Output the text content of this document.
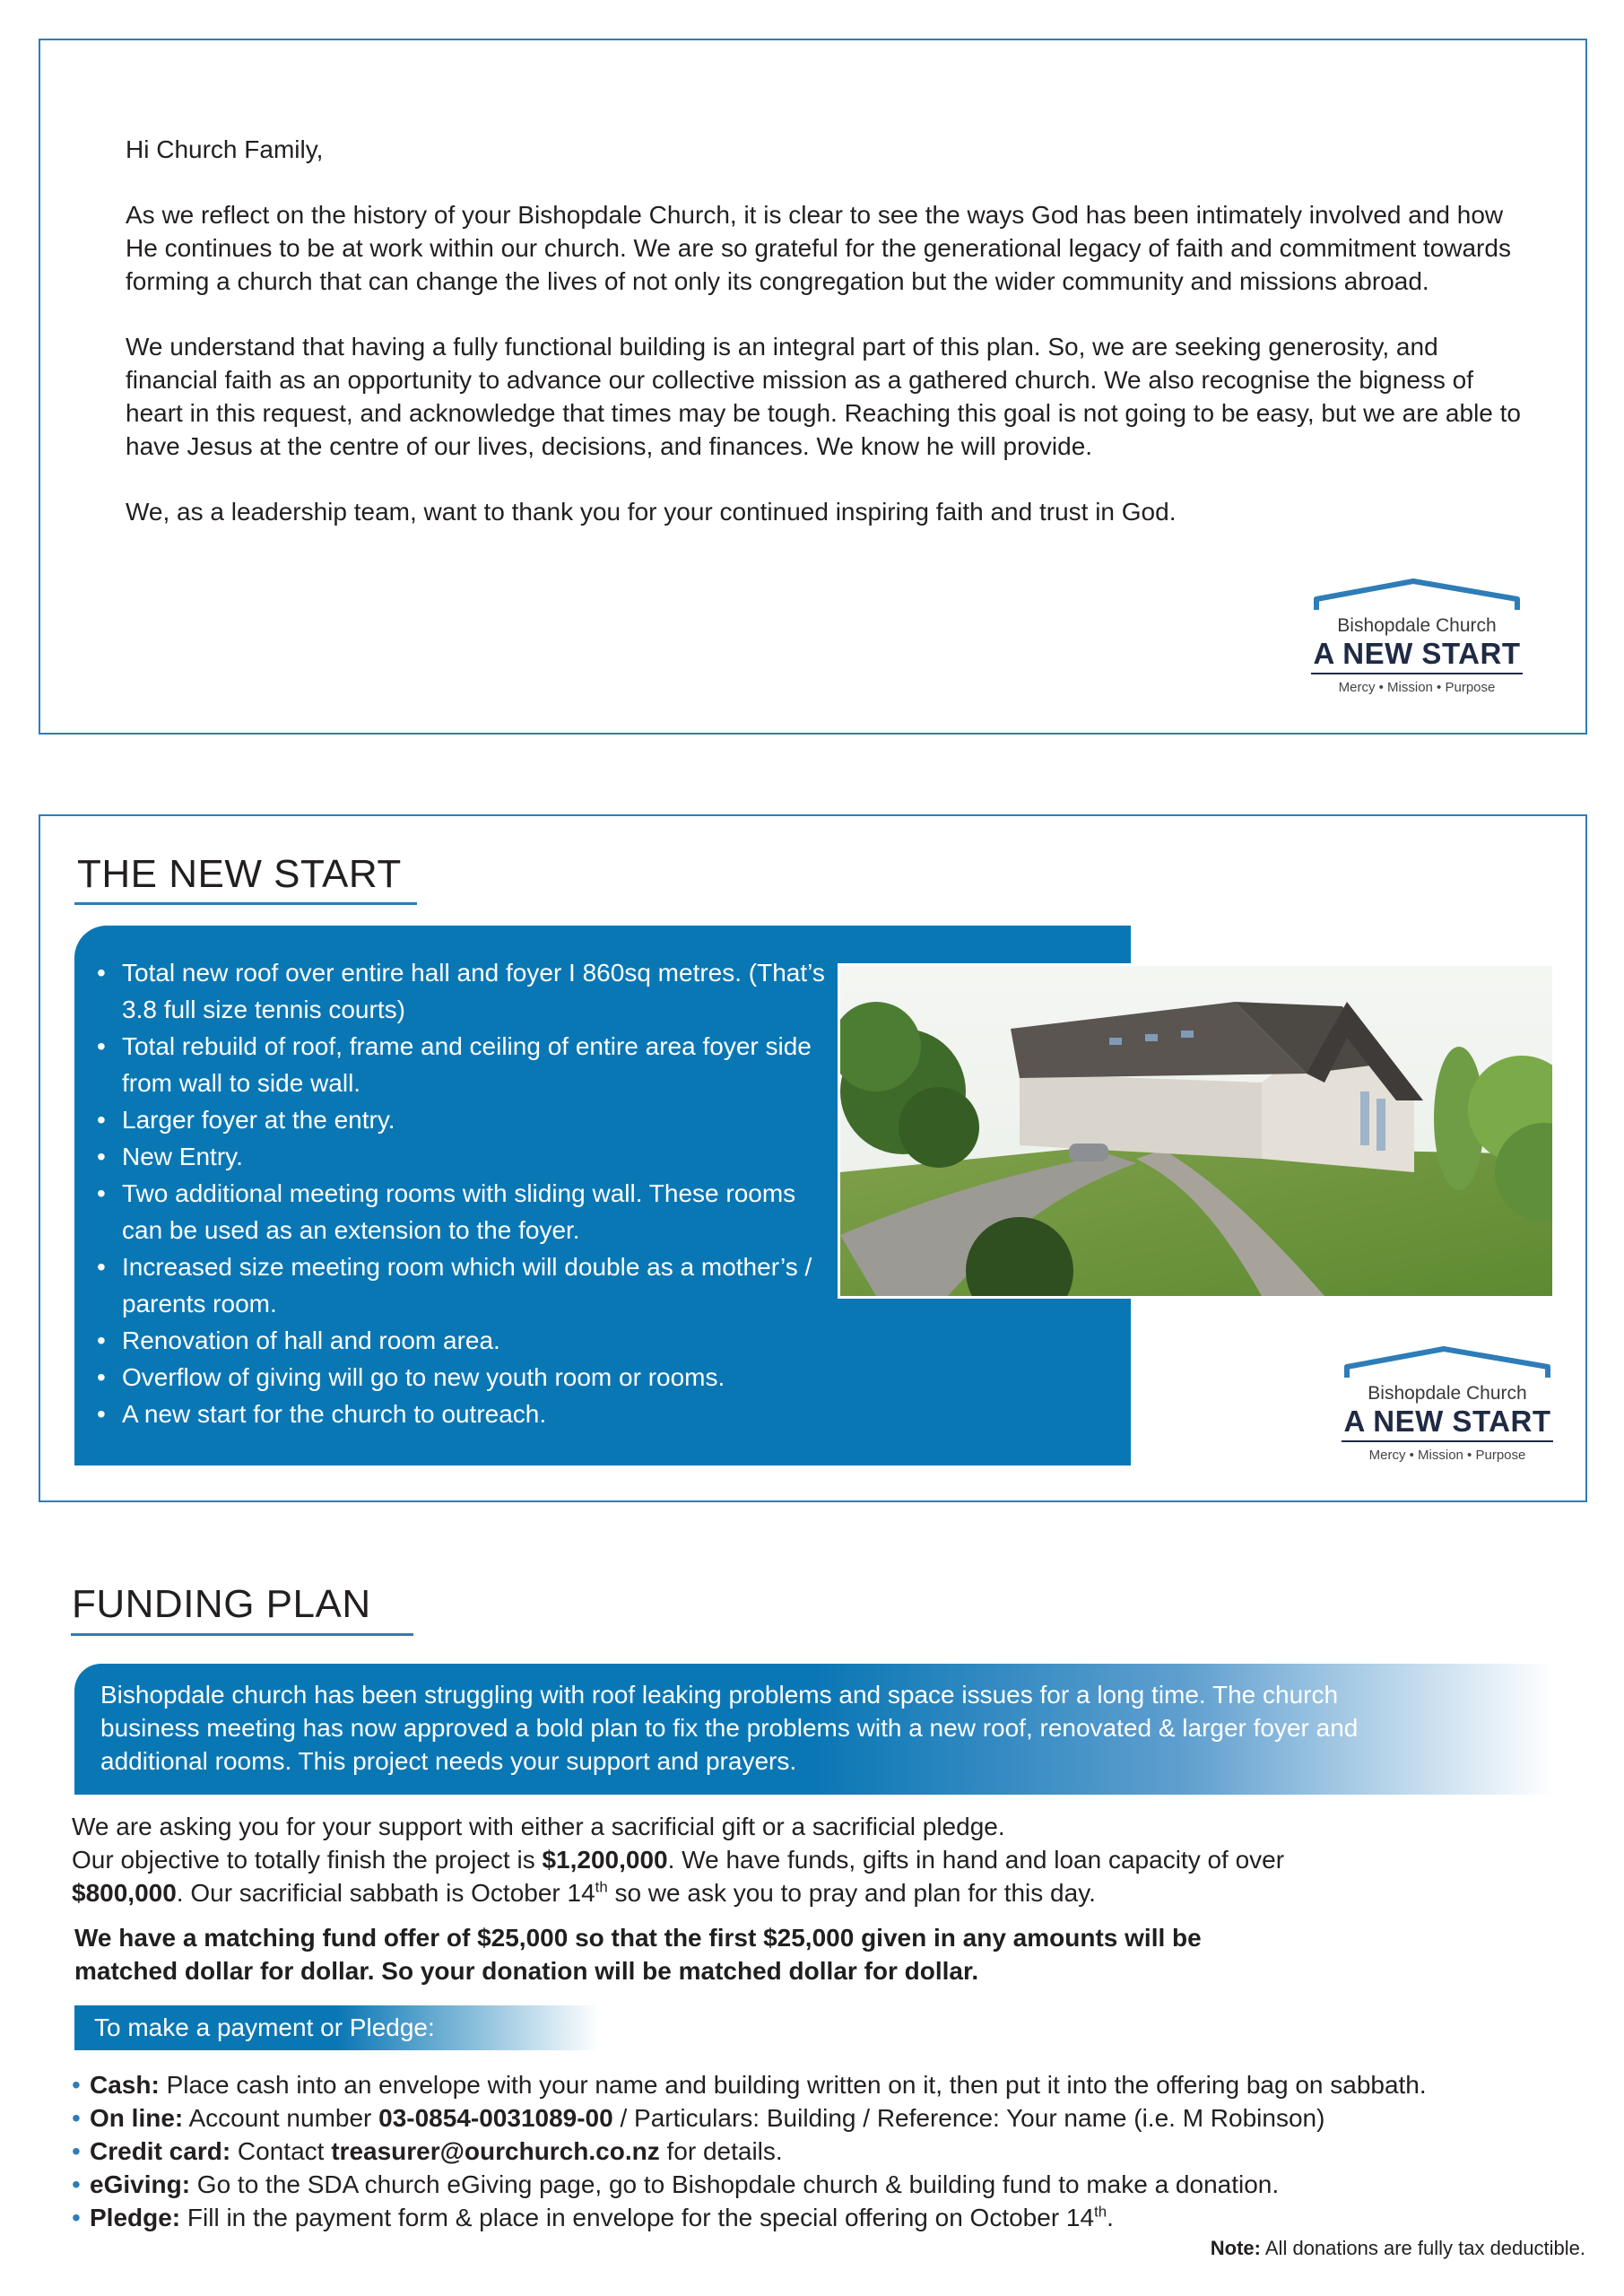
Hi Church Family,

As we reflect on the history of your Bishopdale Church, it is clear to see the ways God has been intimately involved and how He continues to be at work within our church. We are so grateful for the generational legacy of faith and commitment towards forming a church that can change the lives of not only its congregation but the wider community and missions abroad.

We understand that having a fully functional building is an integral part of this plan. So, we are seeking generosity, and financial faith as an opportunity to advance our collective mission as a gathered church. We also recognise the bigness of heart in this request, and acknowledge that times may be tough. Reaching this goal is not going to be easy, but we are able to have Jesus at the centre of our lives, decisions, and finances. We know he will provide.

We, as a leadership team, want to thank you for your continued inspiring faith and trust in God.

Bishopdale Church
A NEW START
Mercy • Mission • Purpose
THE NEW START
• Total new roof over entire hall and foyer I 860sq metres. (That’s 3.8 full size tennis courts)
• Total rebuild of roof, frame and ceiling of entire area foyer side from wall to side wall.
• Larger foyer at the entry.
• New Entry.
• Two additional meeting rooms with sliding wall. These rooms can be used as an extension to the foyer.
• Increased size meeting room which will double as a mother’s / parents room.
• Renovation of hall and room area.
• Overflow of giving will go to new youth room or rooms.
• A new start for the church to outreach.
Bishopdale Church
A NEW START
Mercy • Mission • Purpose
FUNDING PLAN
Bishopdale church has been struggling with roof leaking problems and space issues for a long time. The church business meeting has now approved a bold plan to fix the problems with a new roof, renovated & larger foyer and additional rooms. This project needs your support and prayers.
We are asking you for your support with either a sacrificial gift or a sacrificial pledge.
Our objective to totally finish the project is $1,200,000. We have funds, gifts in hand and loan capacity of over $800,000. Our sacrificial sabbath is October 14th so we ask you to pray and plan for this day.
We have a matching fund offer of $25,000 so that the first $25,000 given in any amounts will be matched dollar for dollar. So your donation will be matched dollar for dollar.
To make a payment or Pledge:
• Cash: Place cash into an envelope with your name and building written on it, then put it into the offering bag on sabbath.
• On line: Account number 03-0854-0031089-00 / Particulars: Building / Reference: Your name (i.e. M Robinson)
• Credit card: Contact treasurer@ourchurch.co.nz for details.
• eGiving: Go to the SDA church eGiving page, go to Bishopdale church & building fund to make a donation.
• Pledge: Fill in the payment form & place in envelope for the special offering on October 14th.
Note: All donations are fully tax deductible.
